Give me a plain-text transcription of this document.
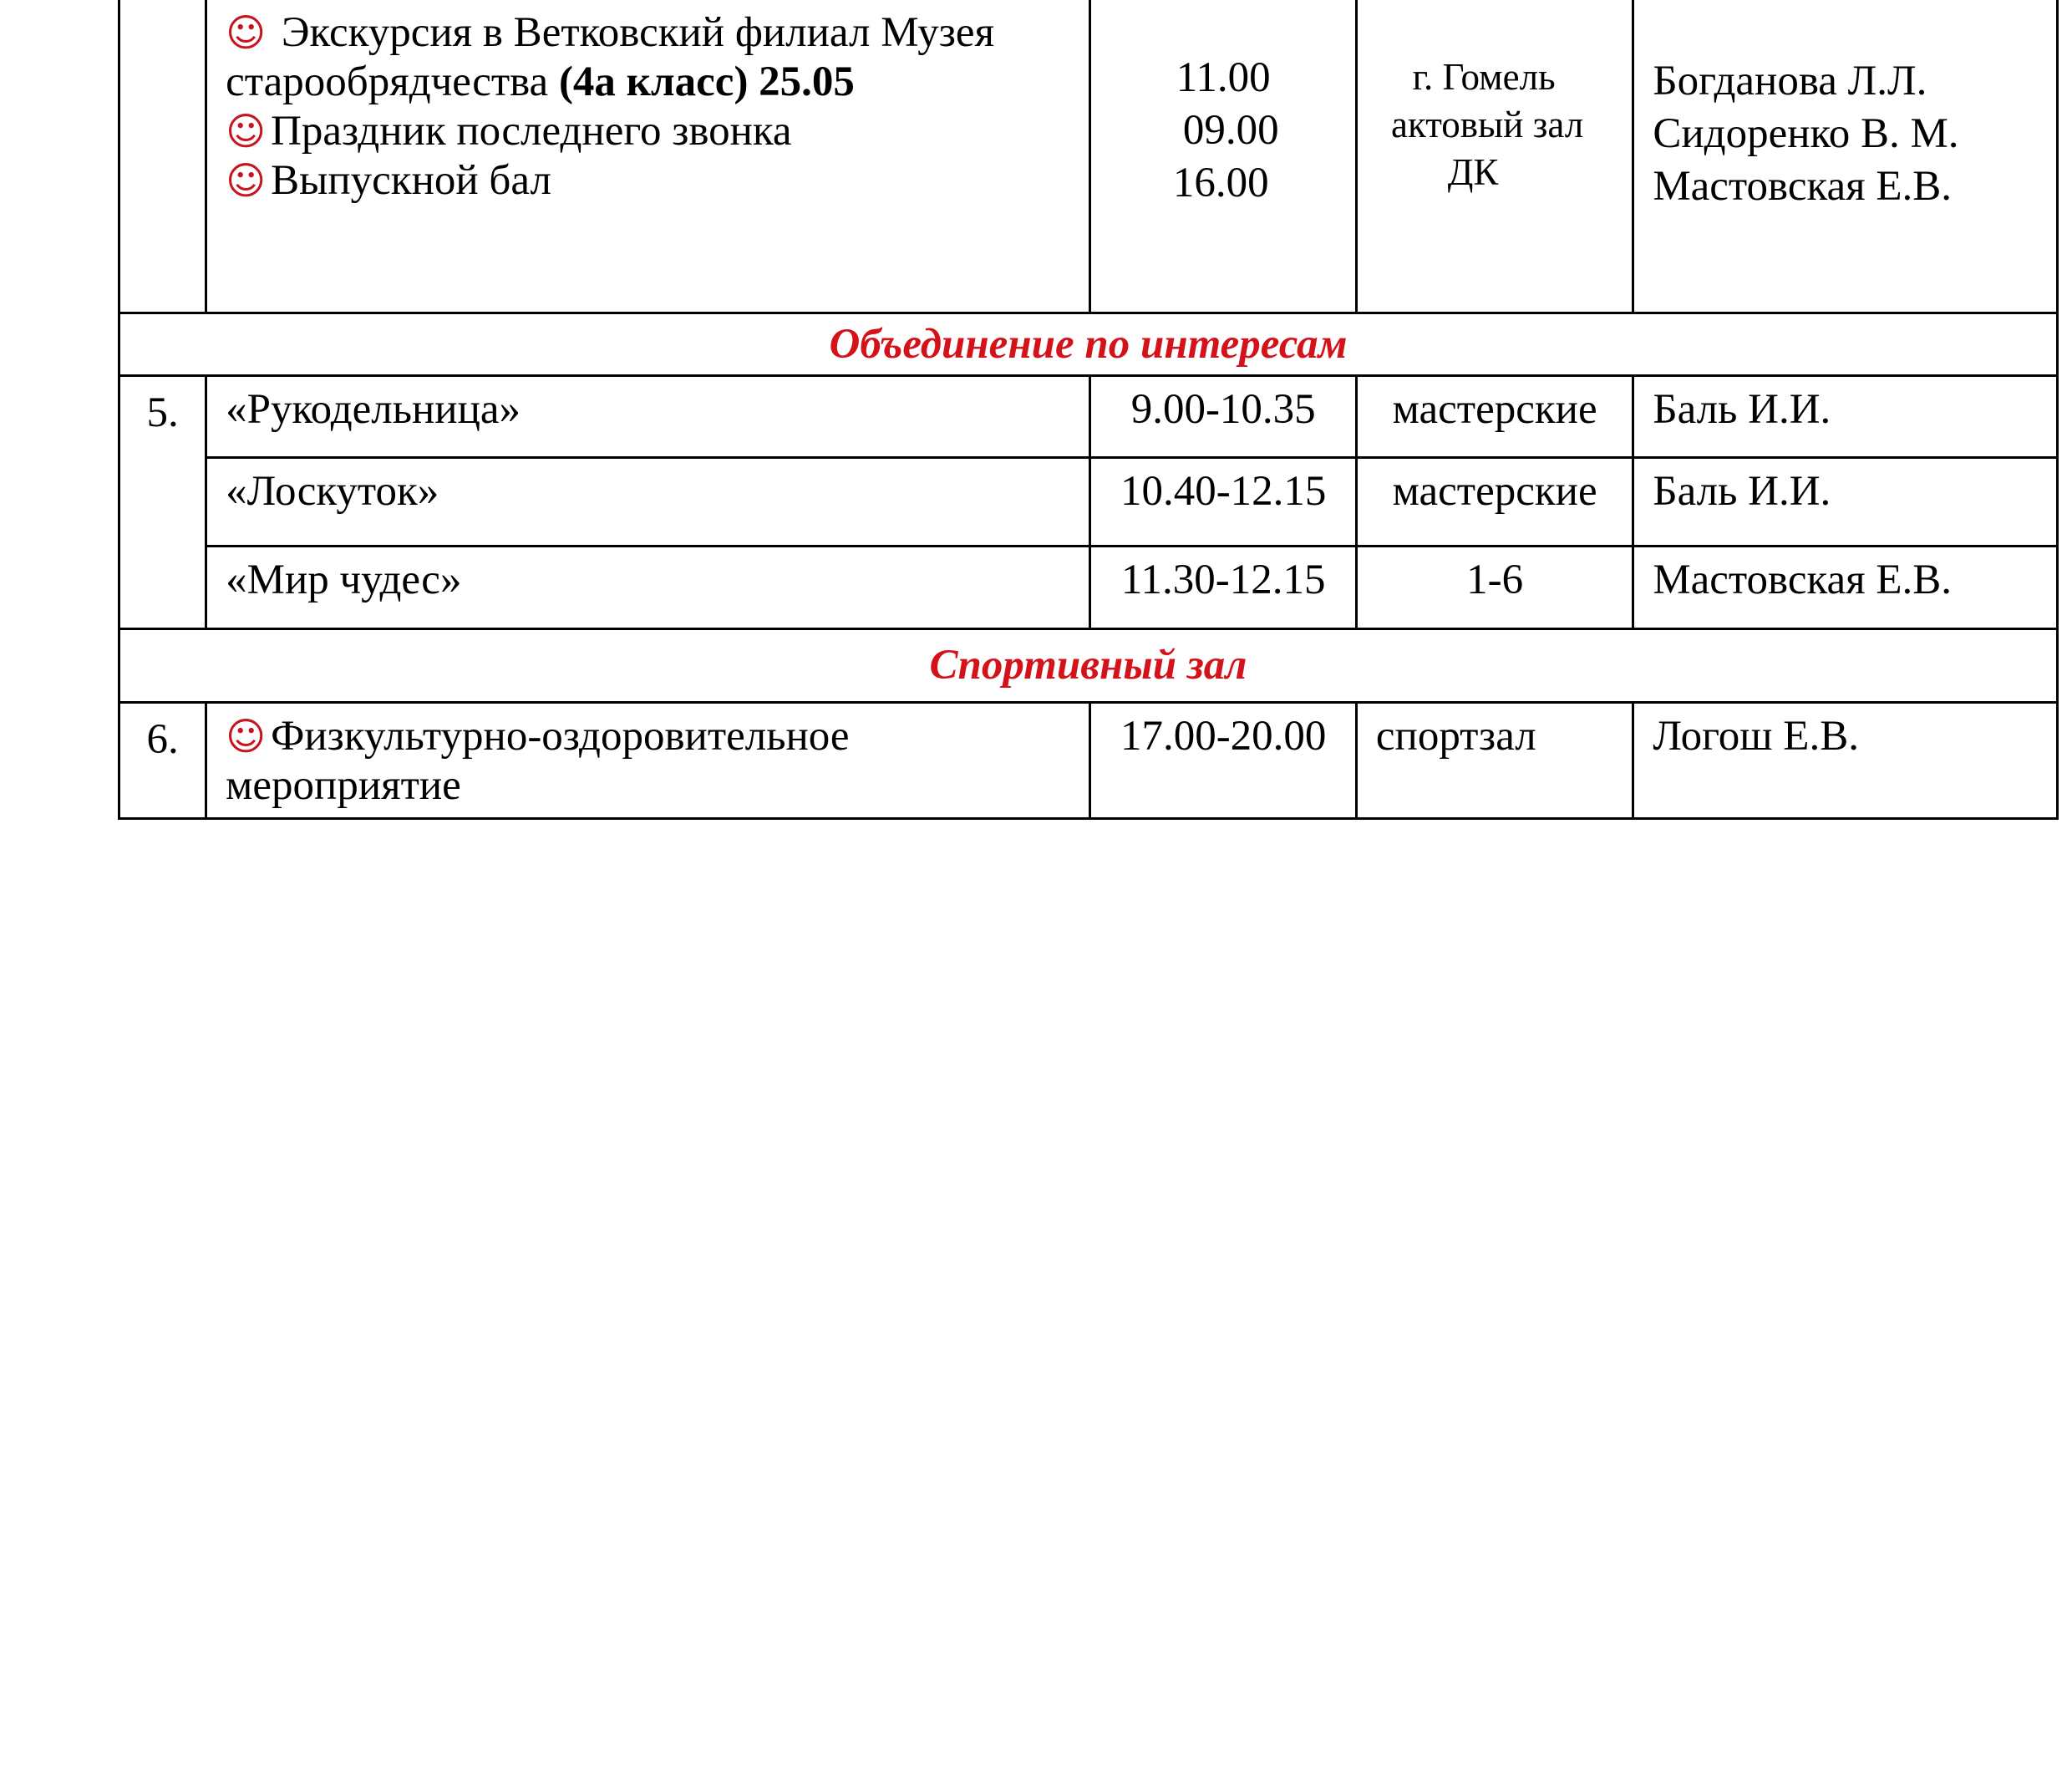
	☺ Экскурсия в Ветковский филиал Музея
старообрядчества (4а класс) 25.05
☺ Праздник последнего звонка
☺ Выпускной бал	11.00
09.00
16.00	г. Гомель
актовый зал
ДК	Богданова Л.Л.
Сидоренко В. М.
Мастовская Е.В.

Объединение по интересам				
5.	«Рукодельница»	9.00-10.35	мастерские	Баль И.И.
	«Лоскуток»	10.40-12.15	мастерские	Баль И.И.
	«Мир чудес»	11.30-12.15	1-6	Мастовская Е.В.
Спортивный зал				
6.	☺ Физкультурно-оздоровительное
мероприятие	17.00-20.00	спортзал	Логош Е.В.
